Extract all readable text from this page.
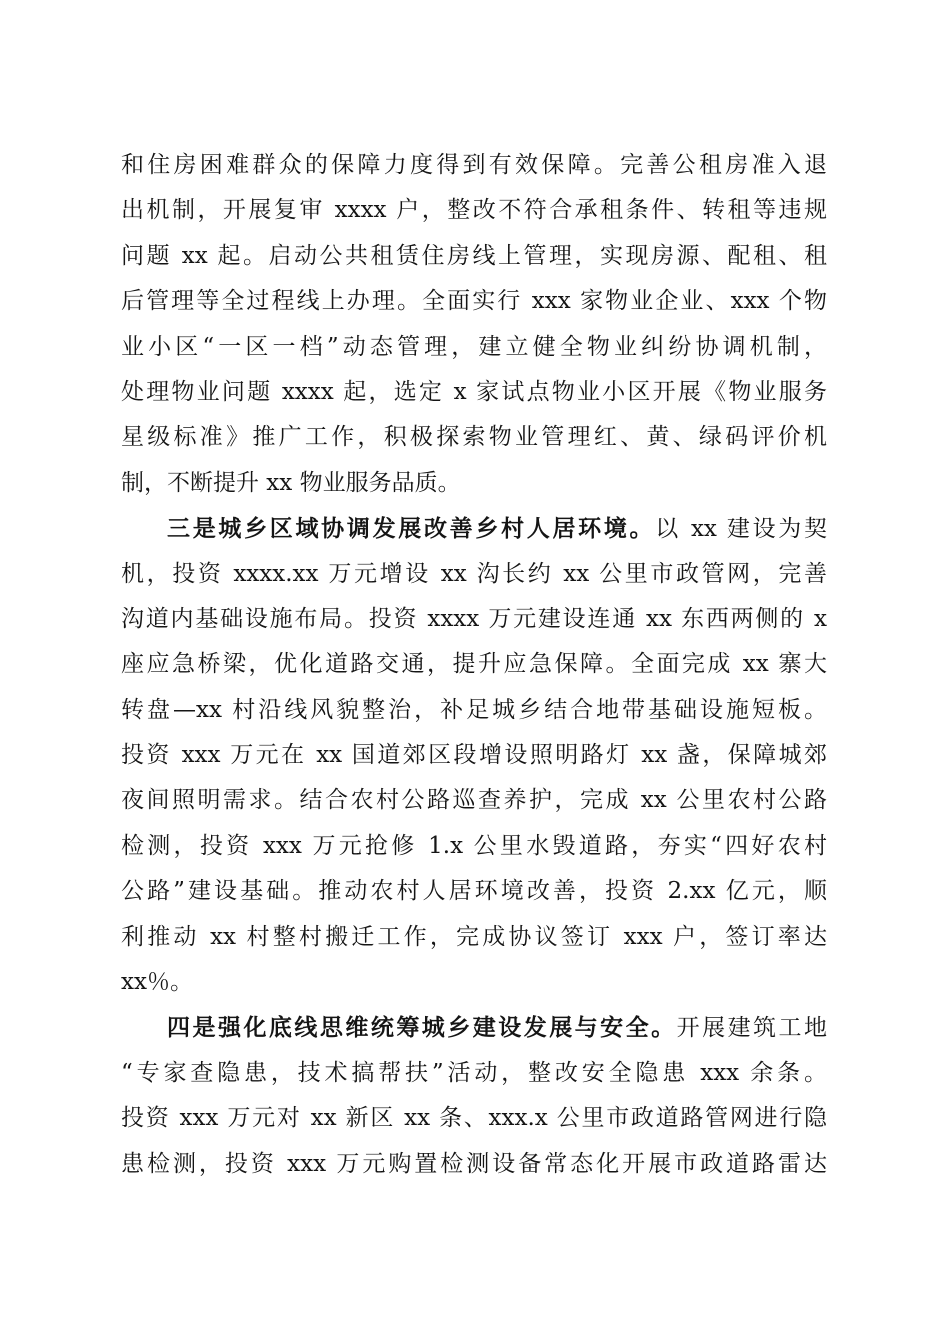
和住房困难群众的保障力度得到有效保障。完善公租房准入退
出机制，开展复审 xxxx 户，整改不符合承租条件、转租等违规
问题 xx 起。启动公共租赁住房线上管理，实现房源、配租、租
后管理等全过程线上办理。全面实行 xxx 家物业企业、xxx 个物
业小区“一区一档”动态管理，建立健全物业纠纷协调机制，
处理物业问题 xxxx 起，选定 x 家试点物业小区开展《物业服务
星级标准》推广工作，积极探索物业管理红、黄、绿码评价机
制，不断提升 xx 物业服务品质。
三是城乡区域协调发展改善乡村人居环境。以 xx 建设为契
机，投资 xxxx.xx 万元增设 xx 沟长约 xx 公里市政管网，完善
沟道内基础设施布局。投资 xxxx 万元建设连通 xx 东西两侧的 x
座应急桥梁，优化道路交通，提升应急保障。全面完成 xx 寨大
转盘—xx 村沿线风貌整治，补足城乡结合地带基础设施短板。
投资 xxx 万元在 xx 国道郊区段增设照明路灯 xx 盏，保障城郊
夜间照明需求。结合农村公路巡查养护，完成 xx 公里农村公路
检测，投资 xxx 万元抢修 1.x 公里水毁道路，夯实“四好农村
公路”建设基础。推动农村人居环境改善，投资 2.xx 亿元，顺
利推动 xx 村整村搬迁工作，完成协议签订 xxx 户，签订率达
xx％。
四是强化底线思维统筹城乡建设发展与安全。开展建筑工地
“专家查隐患，技术搞帮扶”活动，整改安全隐患 xxx 余条。
投资 xxx 万元对 xx 新区 xx 条、xxx.x 公里市政道路管网进行隐
患检测，投资 xxx 万元购置检测设备常态化开展市政道路雷达
